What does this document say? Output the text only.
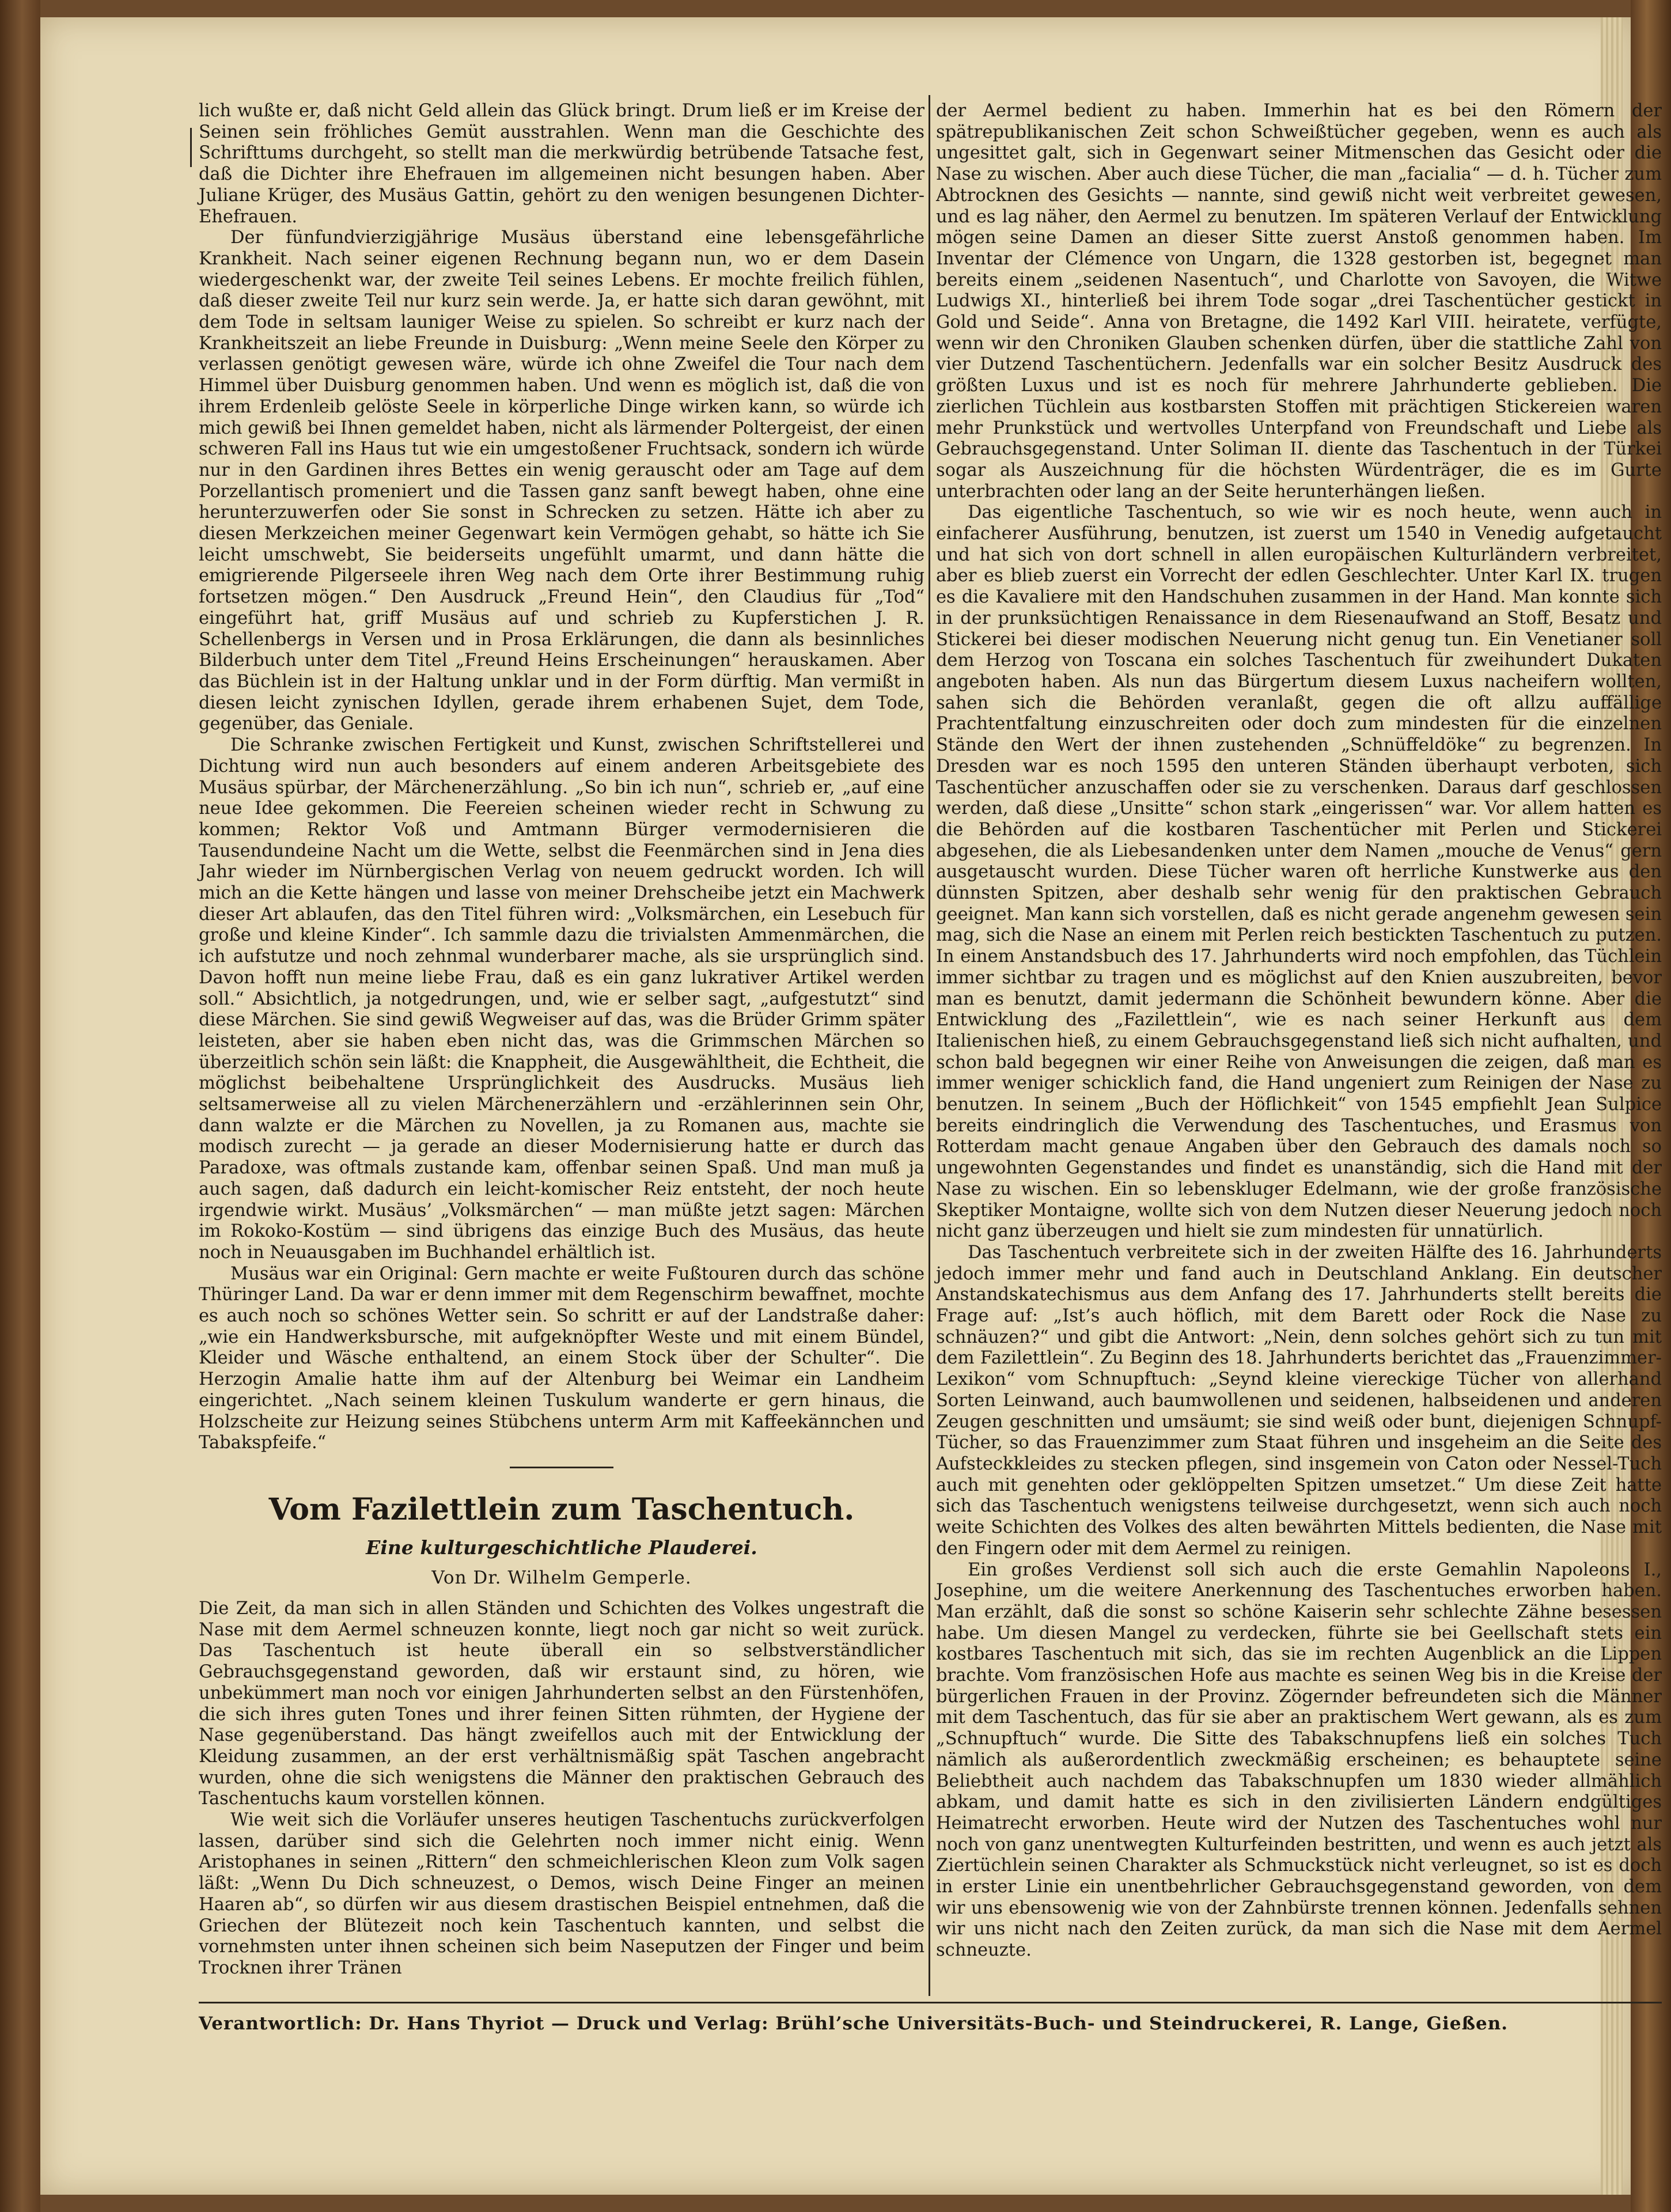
lich wußte er, daß nicht Geld allein das Glück bringt. Drum ließ er im Kreise der Seinen sein fröhliches Gemüt ausstrahlen. Wenn man die Geschichte des Schrifttums durchgeht, so stellt man die merkwürdig betrübende Tatsache fest, daß die Dichter ihre Ehefrauen im allgemeinen nicht besungen haben. Aber Juliane Krüger, des Musäus Gattin, gehört zu den wenigen besungenen Dichter-Ehefrauen.

Der fünfundvierzigjährige Musäus überstand eine lebensgefährliche Krankheit. Nach seiner eigenen Rechnung begann nun, wo er dem Dasein wiedergeschenkt war, der zweite Teil seines Lebens. Er mochte freilich fühlen, daß dieser zweite Teil nur kurz sein werde. Ja, er hatte sich daran gewöhnt, mit dem Tode in seltsam launiger Weise zu spielen. So schreibt er kurz nach der Krankheitszeit an liebe Freunde in Duisburg: „Wenn meine Seele den Körper zu verlassen genötigt gewesen wäre, würde ich ohne Zweifel die Tour nach dem Himmel über Duisburg genommen haben. Und wenn es möglich ist, daß die von ihrem Erdenleib gelöste Seele in körperliche Dinge wirken kann, so würde ich mich gewiß bei Ihnen gemeldet haben, nicht als lärmender Poltergeist, der einen schweren Fall ins Haus tut wie ein umgestoßener Fruchtsack, sondern ich würde nur in den Gardinen ihres Bettes ein wenig gerauscht oder am Tage auf dem Porzellantisch promeniert und die Tassen ganz sanft bewegt haben, ohne eine herunterzuwerfen oder Sie sonst in Schrecken zu setzen. Hätte ich aber zu diesen Merkzeichen meiner Gegenwart kein Vermögen gehabt, so hätte ich Sie leicht umschwebt, Sie beiderseits ungefühlt umarmt, und dann hätte die emigrierende Pilgerseele ihren Weg nach dem Orte ihrer Bestimmung ruhig fortsetzen mögen.“ Den Ausdruck „Freund Hein“, den Claudius für „Tod“ eingeführt hat, griff Musäus auf und schrieb zu Kupferstichen J. R. Schellenbergs in Versen und in Prosa Erklärungen, die dann als besinnliches Bilderbuch unter dem Titel „Freund Heins Erscheinungen“ herauskamen. Aber das Büchlein ist in der Haltung unklar und in der Form dürftig. Man vermißt in diesen leicht zynischen Idyllen, gerade ihrem erhabenen Sujet, dem Tode, gegenüber, das Geniale.

Die Schranke zwischen Fertigkeit und Kunst, zwischen Schriftstellerei und Dichtung wird nun auch besonders auf einem anderen Arbeitsgebiete des Musäus spürbar, der Märchenerzählung. „So bin ich nun“, schrieb er, „auf eine neue Idee gekommen. Die Feereien scheinen wieder recht in Schwung zu kommen; Rektor Voß und Amtmann Bürger vermodernisieren die Tausendundeine Nacht um die Wette, selbst die Feenmärchen sind in Jena dies Jahr wieder im Nürnbergischen Verlag von neuem gedruckt worden. Ich will mich an die Kette hängen und lasse von meiner Drehscheibe jetzt ein Machwerk dieser Art ablaufen, das den Titel führen wird: „Volksmärchen, ein Lesebuch für große und kleine Kinder“. Ich sammle dazu die trivialsten Ammenmärchen, die ich aufstutze und noch zehnmal wunderbarer mache, als sie ursprünglich sind. Davon hofft nun meine liebe Frau, daß es ein ganz lukrativer Artikel werden soll.“ Absichtlich, ja notgedrungen, und, wie er selber sagt, „aufgestutzt“ sind diese Märchen. Sie sind gewiß Wegweiser auf das, was die Brüder Grimm später leisteten, aber sie haben eben nicht das, was die Grimmschen Märchen so überzeitlich schön sein läßt: die Knappheit, die Ausgewähltheit, die Echtheit, die möglichst beibehaltene Ursprünglichkeit des Ausdrucks. Musäus lieh seltsamerweise all zu vielen Märchenerzählern und -erzählerinnen sein Ohr, dann walzte er die Märchen zu Novellen, ja zu Romanen aus, machte sie modisch zurecht — ja gerade an dieser Modernisierung hatte er durch das Paradoxe, was oftmals zustande kam, offenbar seinen Spaß. Und man muß ja auch sagen, daß dadurch ein leicht-komischer Reiz entsteht, der noch heute irgendwie wirkt. Musäus’ „Volksmärchen“ — man müßte jetzt sagen: Märchen im Rokoko-Kostüm — sind übrigens das einzige Buch des Musäus, das heute noch in Neuausgaben im Buchhandel erhältlich ist.

Musäus war ein Original: Gern machte er weite Fußtouren durch das schöne Thüringer Land. Da war er denn immer mit dem Regenschirm bewaffnet, mochte es auch noch so schönes Wetter sein. So schritt er auf der Landstraße daher: „wie ein Handwerksbursche, mit aufgeknöpfter Weste und mit einem Bündel, Kleider und Wäsche enthaltend, an einem Stock über der Schulter“. Die Herzogin Amalie hatte ihm auf der Altenburg bei Weimar ein Landheim eingerichtet. „Nach seinem kleinen Tuskulum wanderte er gern hinaus, die Holzscheite zur Heizung seines Stübchens unterm Arm mit Kaffeekännchen und Tabakspfeife.“

Vom Fazilettlein zum Taschentuch.
Eine kulturgeschichtliche Plauderei.
Von Dr. Wilhelm Gemperle.

Die Zeit, da man sich in allen Ständen und Schichten des Volkes ungestraft die Nase mit dem Aermel schneuzen konnte, liegt noch gar nicht so weit zurück. Das Taschentuch ist heute überall ein so selbstverständlicher Gebrauchsgegenstand geworden, daß wir erstaunt sind, zu hören, wie unbekümmert man noch vor einigen Jahrhunderten selbst an den Fürstenhöfen, die sich ihres guten Tones und ihrer feinen Sitten rühmten, der Hygiene der Nase gegenüberstand. Das hängt zweifellos auch mit der Entwicklung der Kleidung zusammen, an der erst verhältnismäßig spät Taschen angebracht wurden, ohne die sich wenigstens die Männer den praktischen Gebrauch des Taschentuchs kaum vorstellen können.

Wie weit sich die Vorläufer unseres heutigen Taschentuchs zurückverfolgen lassen, darüber sind sich die Gelehrten noch immer nicht einig. Wenn Aristophanes in seinen „Rittern“ den schmeichlerischen Kleon zum Volk sagen läßt: „Wenn Du Dich schneuzest, o Demos, wisch Deine Finger an meinen Haaren ab“, so dürfen wir aus diesem drastischen Beispiel entnehmen, daß die Griechen der Blütezeit noch kein Taschentuch kannten, und selbst die vornehmsten unter ihnen scheinen sich beim Naseputzen der Finger und beim Trocknen ihrer Tränen

der Aermel bedient zu haben. Immerhin hat es bei den Römern der spätrepublikanischen Zeit schon Schweißtücher gegeben, wenn es auch als ungesittet galt, sich in Gegenwart seiner Mitmenschen das Gesicht oder die Nase zu wischen. Aber auch diese Tücher, die man „facialia“ — d. h. Tücher zum Abtrocknen des Gesichts — nannte, sind gewiß nicht weit verbreitet gewesen, und es lag näher, den Aermel zu benutzen. Im späteren Verlauf der Entwicklung mögen seine Damen an dieser Sitte zuerst Anstoß genommen haben. Im Inventar der Clémence von Ungarn, die 1328 gestorben ist, begegnet man bereits einem „seidenen Nasentuch“, und Charlotte von Savoyen, die Witwe Ludwigs XI., hinterließ bei ihrem Tode sogar „drei Taschentücher gestickt in Gold und Seide“. Anna von Bretagne, die 1492 Karl VIII. heiratete, verfügte, wenn wir den Chroniken Glauben schenken dürfen, über die stattliche Zahl von vier Dutzend Taschentüchern. Jedenfalls war ein solcher Besitz Ausdruck des größten Luxus und ist es noch für mehrere Jahrhunderte geblieben. Die zierlichen Tüchlein aus kostbarsten Stoffen mit prächtigen Stickereien waren mehr Prunkstück und wertvolles Unterpfand von Freundschaft und Liebe als Gebrauchsgegenstand. Unter Soliman II. diente das Taschentuch in der Türkei sogar als Auszeichnung für die höchsten Würdenträger, die es im Gurte unterbrachten oder lang an der Seite herunterhängen ließen.

Das eigentliche Taschentuch, so wie wir es noch heute, wenn auch in einfacherer Ausführung, benutzen, ist zuerst um 1540 in Venedig aufgetaucht und hat sich von dort schnell in allen europäischen Kulturländern verbreitet, aber es blieb zuerst ein Vorrecht der edlen Geschlechter. Unter Karl IX. trugen es die Kavaliere mit den Handschuhen zusammen in der Hand. Man konnte sich in der prunksüchtigen Renaissance in dem Riesenaufwand an Stoff, Besatz und Stickerei bei dieser modischen Neuerung nicht genug tun. Ein Venetianer soll dem Herzog von Toscana ein solches Taschentuch für zweihundert Dukaten angeboten haben. Als nun das Bürgertum diesem Luxus nacheifern wollten, sahen sich die Behörden veranlaßt, gegen die oft allzu auffällige Prachtentfaltung einzuschreiten oder doch zum mindesten für die einzelnen Stände den Wert der ihnen zustehenden „Schnüffeldöke“ zu begrenzen. In Dresden war es noch 1595 den unteren Ständen überhaupt verboten, sich Taschentücher anzuschaffen oder sie zu verschenken. Daraus darf geschlossen werden, daß diese „Unsitte“ schon stark „eingerissen“ war. Vor allem hatten es die Behörden auf die kostbaren Taschentücher mit Perlen und Stickerei abgesehen, die als Liebesandenken unter dem Namen „mouche de Venus“ gern ausgetauscht wurden. Diese Tücher waren oft herrliche Kunstwerke aus den dünnsten Spitzen, aber deshalb sehr wenig für den praktischen Gebrauch geeignet. Man kann sich vorstellen, daß es nicht gerade angenehm gewesen sein mag, sich die Nase an einem mit Perlen reich bestickten Taschentuch zu putzen. In einem Anstandsbuch des 17. Jahrhunderts wird noch empfohlen, das Tüchlein immer sichtbar zu tragen und es möglichst auf den Knien auszubreiten, bevor man es benutzt, damit jedermann die Schönheit bewundern könne. Aber die Entwicklung des „Fazilettlein“, wie es nach seiner Herkunft aus dem Italienischen hieß, zu einem Gebrauchsgegenstand ließ sich nicht aufhalten, und schon bald begegnen wir einer Reihe von Anweisungen die zeigen, daß man es immer weniger schicklich fand, die Hand ungeniert zum Reinigen der Nase zu benutzen. In seinem „Buch der Höflichkeit“ von 1545 empfiehlt Jean Sulpice bereits eindringlich die Verwendung des Taschentuches, und Erasmus von Rotterdam macht genaue Angaben über den Gebrauch des damals noch so ungewohnten Gegenstandes und findet es unanständig, sich die Hand mit der Nase zu wischen. Ein so lebenskluger Edelmann, wie der große französische Skeptiker Montaigne, wollte sich von dem Nutzen dieser Neuerung jedoch noch nicht ganz überzeugen und hielt sie zum mindesten für unnatürlich.

Das Taschentuch verbreitete sich in der zweiten Hälfte des 16. Jahrhunderts jedoch immer mehr und fand auch in Deutschland Anklang. Ein deutscher Anstandskatechismus aus dem Anfang des 17. Jahrhunderts stellt bereits die Frage auf: „Ist’s auch höflich, mit dem Barett oder Rock die Nase zu schnäuzen?“ und gibt die Antwort: „Nein, denn solches gehört sich zu tun mit dem Fazilettlein“. Zu Beginn des 18. Jahrhunderts berichtet das „Frauenzimmer-Lexikon“ vom Schnupftuch: „Seynd kleine viereckige Tücher von allerhand Sorten Leinwand, auch baumwollenen und seidenen, halbseidenen und anderen Zeugen geschnitten und umsäumt; sie sind weiß oder bunt, diejenigen Schnupf-Tücher, so das Frauenzimmer zum Staat führen und insgeheim an die Seite des Aufsteckkleides zu stecken pflegen, sind insgemein von Caton oder Nessel-Tuch auch mit genehten oder geklöppelten Spitzen umsetzet.“ Um diese Zeit hatte sich das Taschentuch wenigstens teilweise durchgesetzt, wenn sich auch noch weite Schichten des Volkes des alten bewährten Mittels bedienten, die Nase mit den Fingern oder mit dem Aermel zu reinigen.

Ein großes Verdienst soll sich auch die erste Gemahlin Napoleons I., Josephine, um die weitere Anerkennung des Taschentuches erworben haben. Man erzählt, daß die sonst so schöne Kaiserin sehr schlechte Zähne besessen habe. Um diesen Mangel zu verdecken, führte sie bei Geellschaft stets ein kostbares Taschentuch mit sich, das sie im rechten Augenblick an die Lippen brachte. Vom französischen Hofe aus machte es seinen Weg bis in die Kreise der bürgerlichen Frauen in der Provinz. Zögernder befreundeten sich die Männer mit dem Taschentuch, das für sie aber an praktischem Wert gewann, als es zum „Schnupftuch“ wurde. Die Sitte des Tabakschnupfens ließ ein solches Tuch nämlich als außerordentlich zweckmäßig erscheinen; es behauptete seine Beliebtheit auch nachdem das Tabakschnupfen um 1830 wieder allmählich abkam, und damit hatte es sich in den zivilisierten Ländern endgültiges Heimatrecht erworben. Heute wird der Nutzen des Taschentuches wohl nur noch von ganz unentwegten Kulturfeinden bestritten, und wenn es auch jetzt als Ziertüchlein seinen Charakter als Schmuckstück nicht verleugnet, so ist es doch in erster Linie ein unentbehrlicher Gebrauchsgegenstand geworden, von dem wir uns ebensowenig wie von der Zahnbürste trennen können. Jedenfalls sehnen wir uns nicht nach den Zeiten zurück, da man sich die Nase mit dem Aermel schneuzte.

Verantwortlich: Dr. Hans Thyriot — Druck und Verlag: Brühl’sche Universitäts-Buch- und Steindruckerei, R. Lange, Gießen.
